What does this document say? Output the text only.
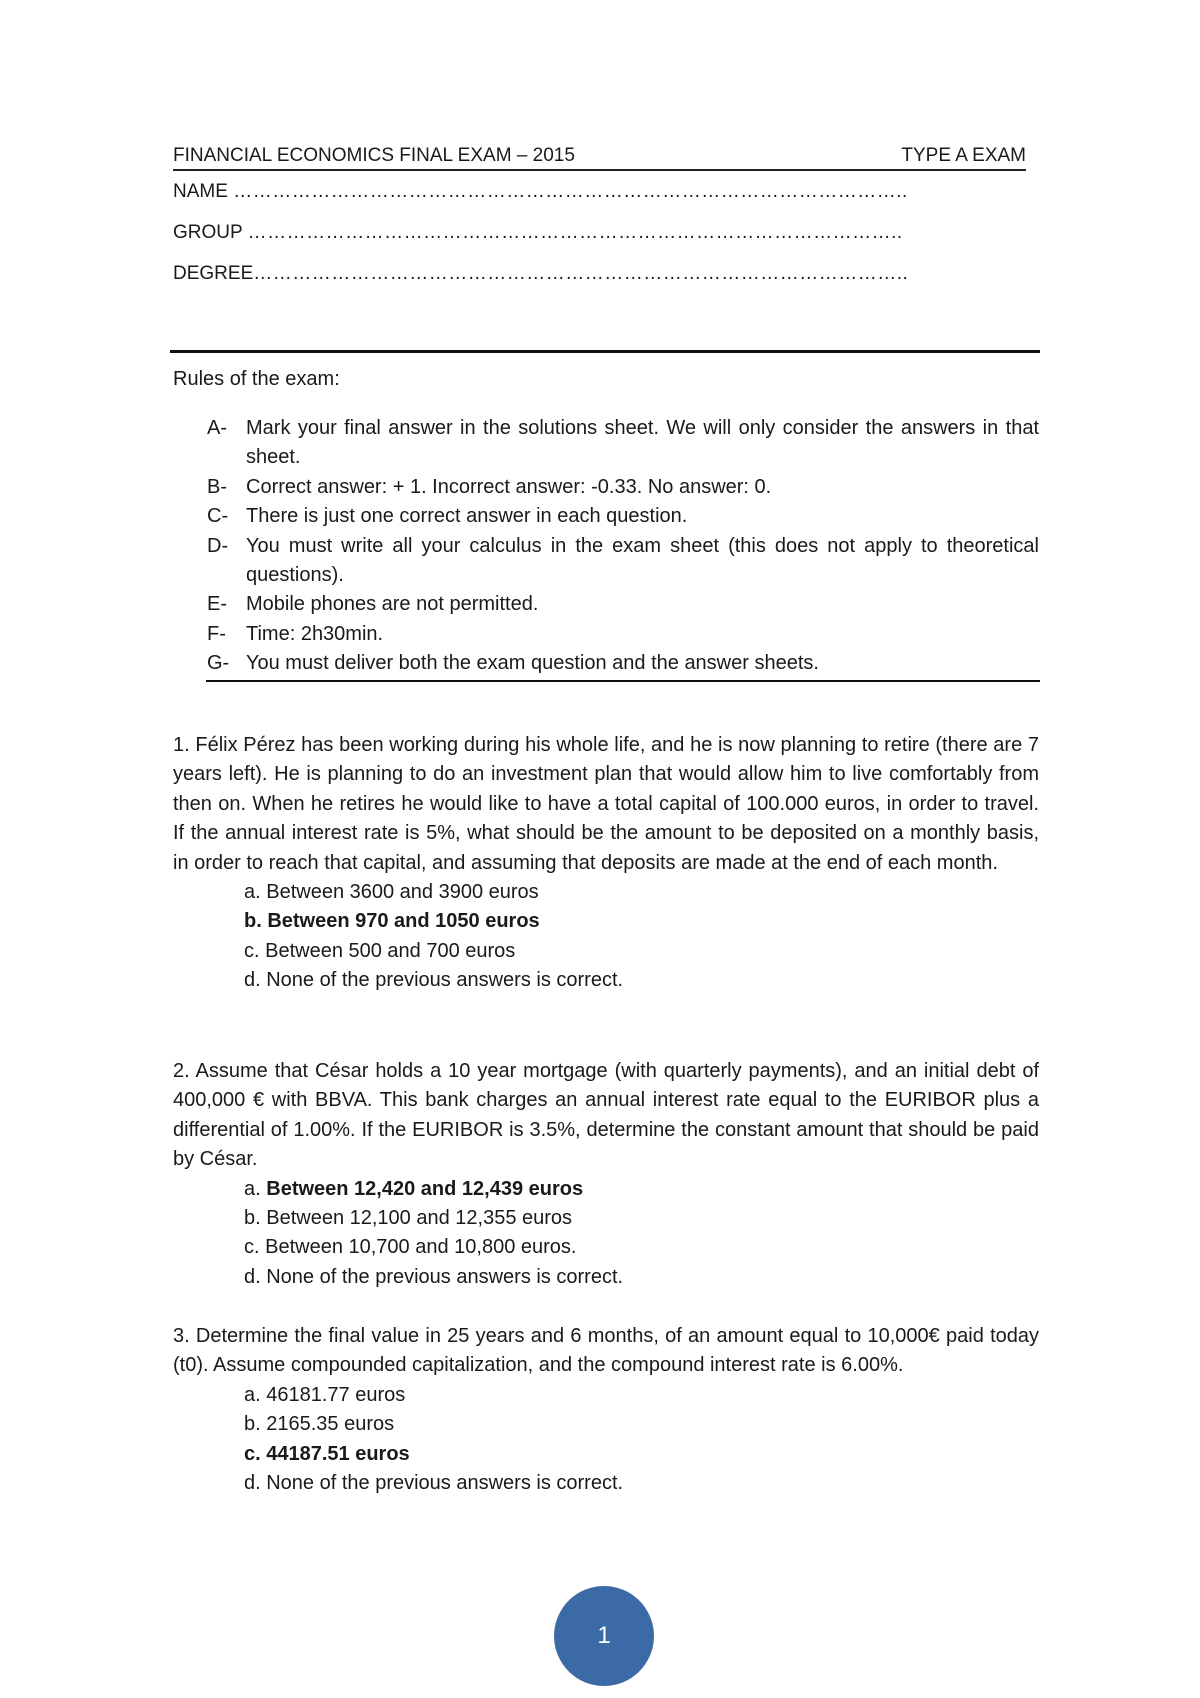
FINANCIAL ECONOMICS FINAL EXAM – 2015	TYPE A EXAM
NAME …………………………………………………………………………………………..
GROUP ………………………………………………………………………………………..
DEGREE………………………………………………………………………………………..
Rules of the exam:
A- Mark your final answer in the solutions sheet. We will only consider the answers in that sheet.
B- Correct answer: + 1. Incorrect answer: -0.33. No answer: 0.
C- There is just one correct answer in each question.
D- You must write all your calculus in the exam sheet (this does not apply to theoretical questions).
E- Mobile phones are not permitted.
F-	Time: 2h30min.
G- You must deliver both the exam question and the answer sheets.
1. Félix Pérez has been working during his whole life, and he is now planning to retire (there are 7 years left). He is planning to do an investment plan that would allow him to live comfortably from then on. When he retires he would like to have a total capital of 100.000 euros, in order to travel. If the annual interest rate is 5%, what should be the amount to be deposited on a monthly basis, in order to reach that capital, and assuming that deposits are made at the end of each month.
a. Between 3600 and 3900 euros
b. Between 970 and 1050 euros
c. Between 500 and 700 euros
d. None of the previous answers is correct.
2. Assume that César holds a 10 year mortgage (with quarterly payments), and an initial debt of 400,000 € with BBVA. This bank charges an annual interest rate equal to the EURIBOR plus a differential of 1.00%. If the EURIBOR is 3.5%, determine the constant amount that should be paid by César.
a. Between 12,420 and 12,439 euros
b. Between 12,100 and 12,355 euros
c. Between 10,700 and 10,800 euros.
d. None of the previous answers is correct.
3. Determine the final value in 25 years and 6 months, of an amount equal to 10,000€ paid today (t0). Assume compounded capitalization, and the compound interest rate is 6.00%.
a. 46181.77 euros
b. 2165.35 euros
c. 44187.51 euros
d. None of the previous answers is correct.
1
